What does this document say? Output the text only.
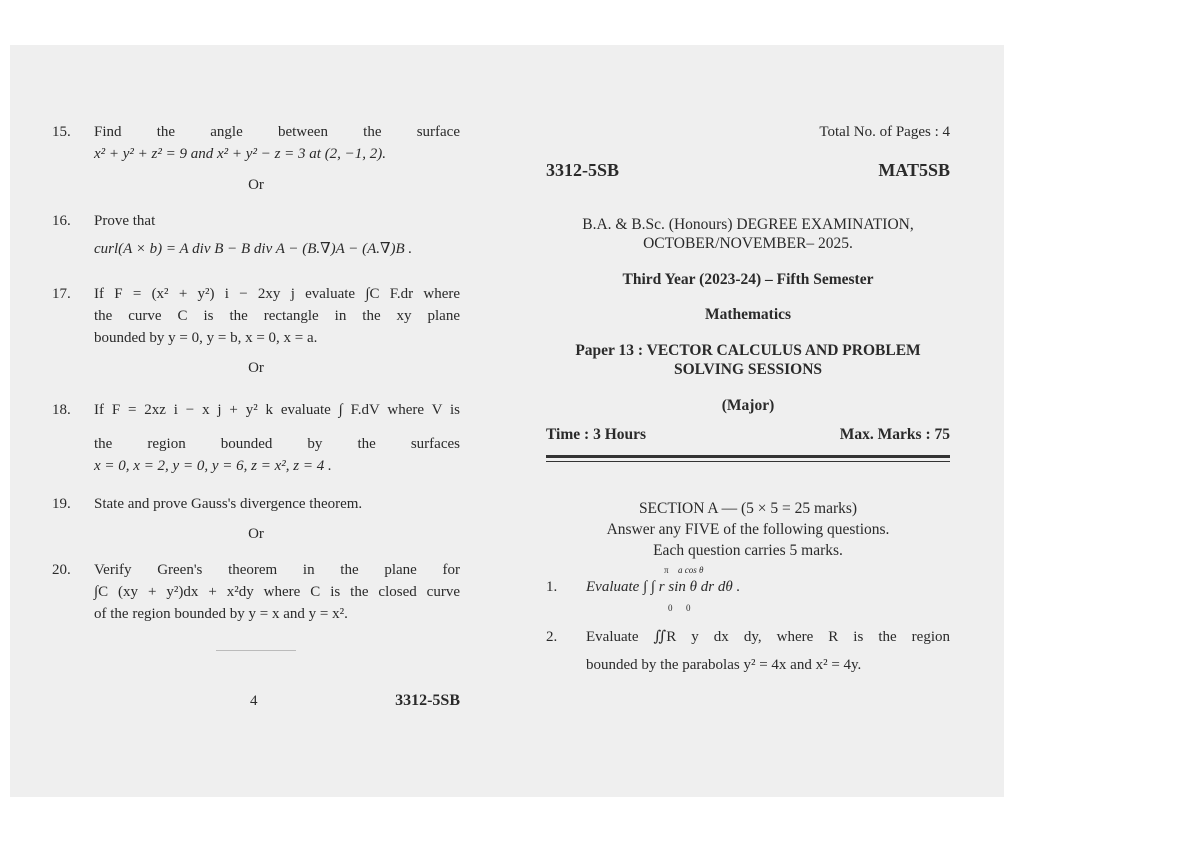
15. Find the angle between the surface
x² + y² + z² = 9 and x² + y² − z = 3 at (2, −1, 2).
Or
16. Prove that
curl(A × b) = A div B − B div A − (B.∇)A − (A.∇)B .
17. If F = (x² + y²) i − 2xy j evaluate ∫C F.dr where
the curve C is the rectangle in the xy plane
bounded by y = 0, y = b, x = 0, x = a.
Or
18. If F = 2xz i − x j + y² k evaluate ∫ F.dV where V is
the region bounded by the surfaces
x = 0, x = 2, y = 0, y = 6, z = x², z = 4 .
19. State and prove Gauss's divergence theorem.
Or
20. Verify Green's theorem in the plane for
∫C (xy + y²)dx + x²dy where C is the closed curve
of the region bounded by y = x and y = x².
4	3312-5SB
Total No. of Pages : 4
3312-5SB	MAT5SB
B.A. & B.Sc. (Honours) DEGREE EXAMINATION,
OCTOBER/NOVEMBER– 2025.
Third Year (2023-24) – Fifth Semester
Mathematics
Paper 13 : VECTOR CALCULUS AND PROBLEM
SOLVING SESSIONS
(Major)
Time : 3 Hours	Max. Marks : 75
SECTION A — (5 × 5 = 25 marks)
Answer any FIVE of the following questions.
Each question carries 5 marks.
1.
π a cos θ
Evaluate ∫ ∫ r sin θ dr dθ .
0 0
2. Evaluate ∬R y dx dy, where R is the region
bounded by the parabolas y² = 4x and x² = 4y.
